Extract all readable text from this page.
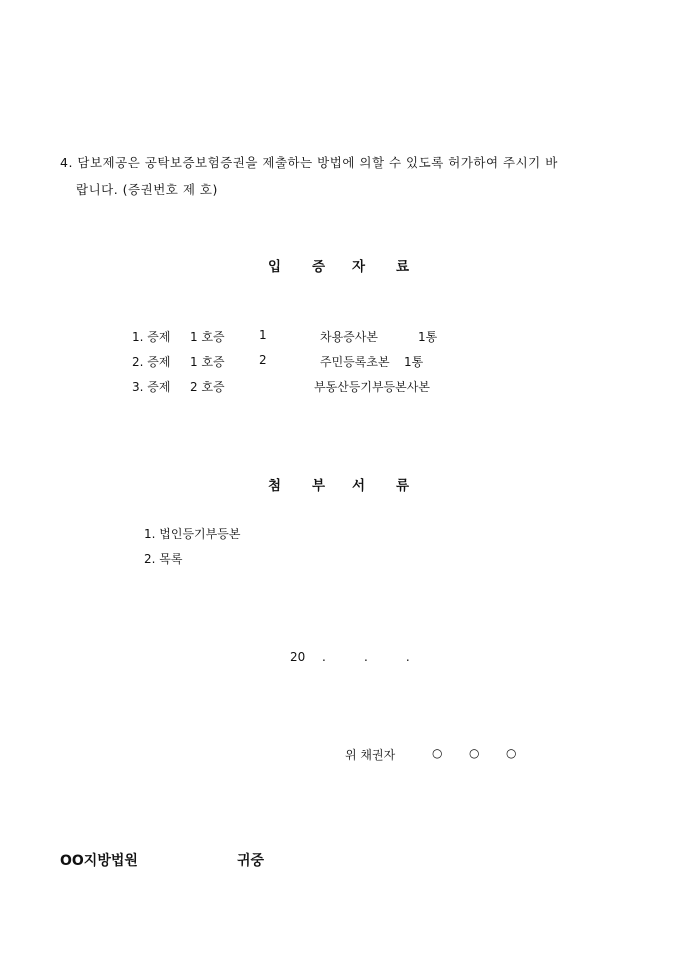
4. 담보제공은 공탁보증보험증권을 제출하는 방법에 의할 수 있도록 허가하여 주시기 바
랍니다. (증권번호 제 호)
입 증 자 료
1. 증제 1 호증	1	차용증사본	1통
2. 증제 1 호증	2	주민등록초본 1통
3. 증제 2 호증	부동산등기부등본사본
첨 부 서 류
1. 법인등기부등본
2. 목록
20 .          .          .
위 채권자	○ ○ ○
OO지방법원	귀중
